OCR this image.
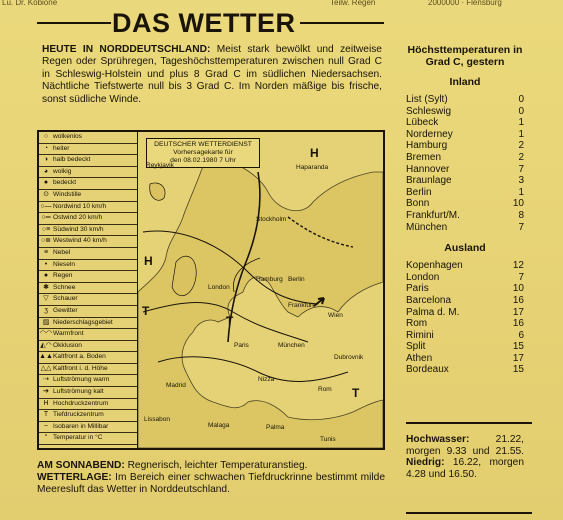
Lu. Dr. Kobione	Teilw. Regen	2000000 · Flensburg
DAS WETTER
HEUTE IN NORDDEUTSCHLAND: Meist stark bewölkt und zeitweise Regen oder Sprühregen, Tageshöchsttemperaturen zwischen null Grad C in Schleswig-Holstein und plus 8 Grad C im südlichen Niedersachsen. Nächtliche Tiefstwerte null bis 3 Grad C. Im Norden mäßige bis frische, sonst südliche Winde.
○ wolkenlos
◔ heiter
◑ halb bedeckt
◕ wolkig
● bedeckt
⊙ Windstille
○— Nordwind 10 km/h
○═ Ostwind 20 km/h
○≡ Südwind 30 km/h
○≣ Westwind 40 km/h
≡ Nebel
• Nieseln
● Regen
✱ Schnee
▽ Schauer
ʒ Gewitter
▨ Niederschlagsgebiet
◠◠ Warmfront
◭◠ Okklusion
▲▲ Kaltfront a. Boden
△△ Kaltfront i. d. Höhe
⇢ Luftströmung warm
➔ Luftströmung kalt
H Hochdruckzentrum
T Tiefdruckzentrum
~ Isobaren in Millibar
° Temperatur in °C
DEUTSCHER WETTERDIENST
Vorhersagekarte für
den 08.02.1980 7 Uhr
Reykjavik	Haparanda
Stockholm
London
Hamburg Berlin
Frankfurt
Wien
Paris	München
Nizza
Dubrovnik
Madrid
Rom
Lissabon
Malaga	Palma
Tunis
H
H
T
T
T
Höchsttemperaturen in Grad C, gestern
Inland
List (Sylt)	0
Schleswig	0
Lübeck	1
Norderney	1
Hamburg	2
Bremen	2
Hannover	7
Braunlage	3
Berlin	1
Bonn	10
Frankfurt/M.	8
München	7
Ausland
Kopenhagen	12
London	7
Paris	10
Barcelona	16
Palma d. M.	17
Rom	16
Rimini	6
Split	15
Athen	17
Bordeaux	15
Hochwasser:	21.22, morgen 9.33 und 21.55. Niedrig: 16.22, morgen 4.28 und 16.50.
AM SONNABEND: Regnerisch, leichter Temperaturanstieg.
WETTERLAGE: Im Bereich einer schwachen Tiefdruckrinne bestimmt milde Meeresluft das Wetter in Norddeutschland.
